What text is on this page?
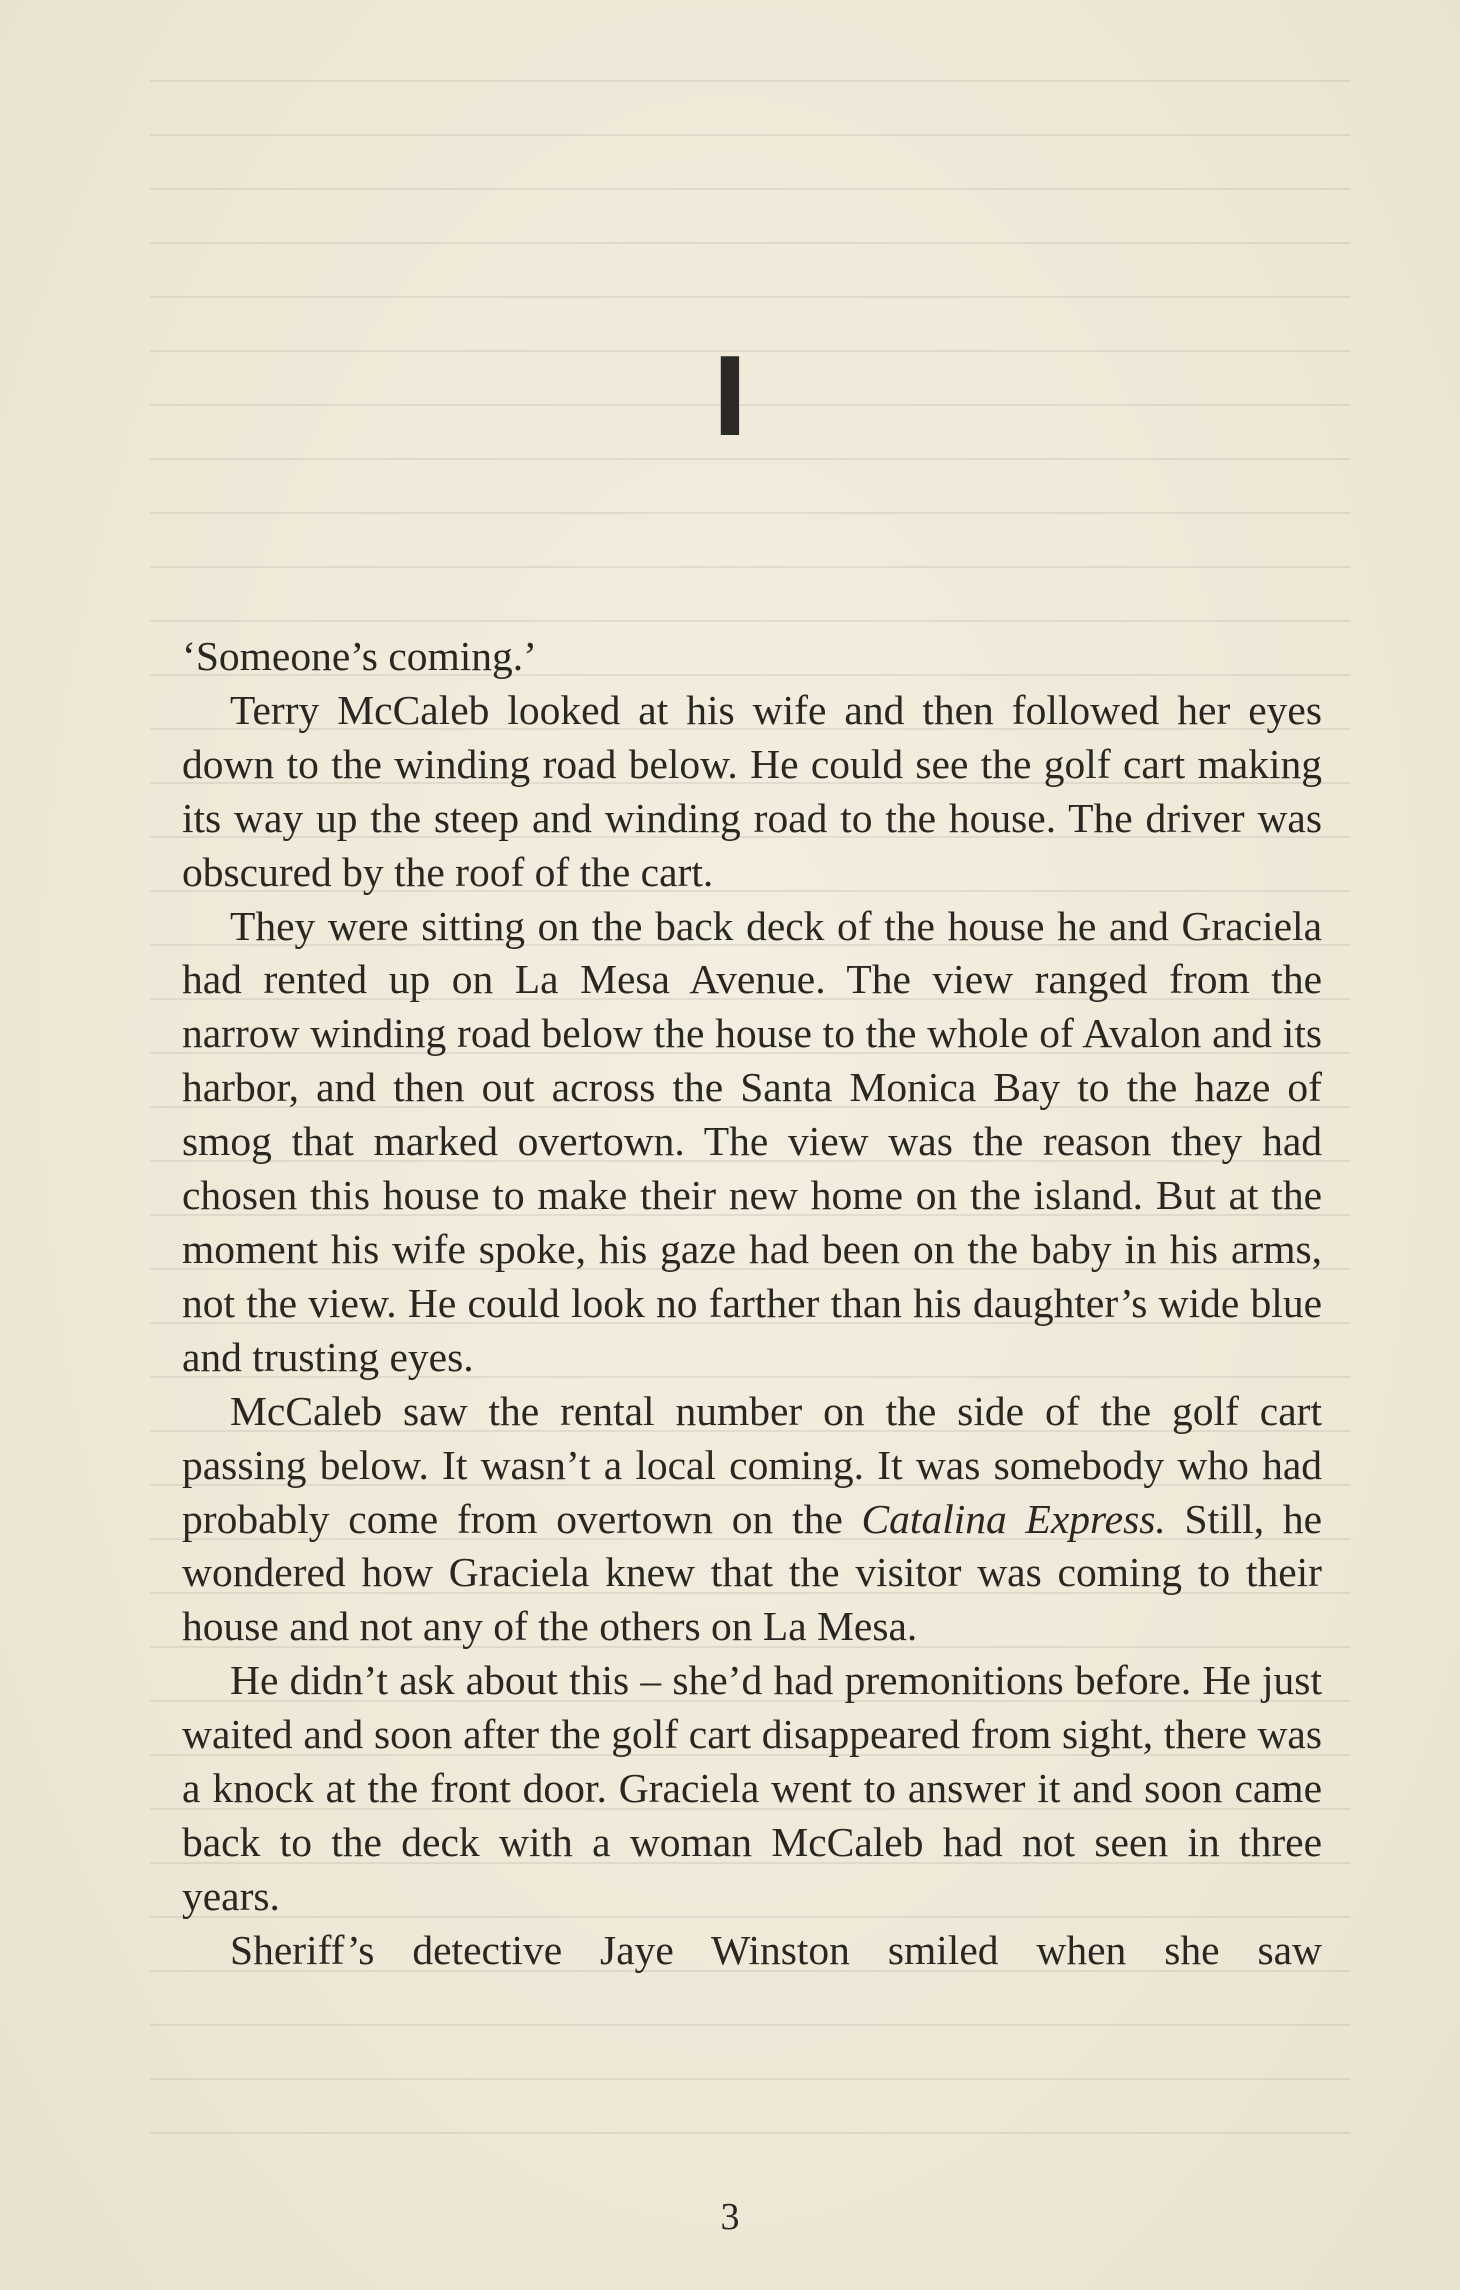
I

‘Someone’s coming.’

Terry McCaleb looked at his wife and then followed her eyes down to the winding road below. He could see the golf cart making its way up the steep and winding road to the house. The driver was obscured by the roof of the cart.

They were sitting on the back deck of the house he and Graciela had rented up on La Mesa Avenue. The view ranged from the narrow winding road below the house to the whole of Avalon and its harbor, and then out across the Santa Monica Bay to the haze of smog that marked overtown. The view was the reason they had chosen this house to make their new home on the island. But at the moment his wife spoke, his gaze had been on the baby in his arms, not the view. He could look no farther than his daughter’s wide blue and trusting eyes.

McCaleb saw the rental number on the side of the golf cart passing below. It wasn’t a local coming. It was somebody who had probably come from overtown on the Catalina Express. Still, he wondered how Graciela knew that the visitor was coming to their house and not any of the others on La Mesa.

He didn’t ask about this – she’d had premonitions before. He just waited and soon after the golf cart disappeared from sight, there was a knock at the front door. Graciela went to answer it and soon came back to the deck with a woman McCaleb had not seen in three years.

Sheriff’s detective Jaye Winston smiled when she saw

3
